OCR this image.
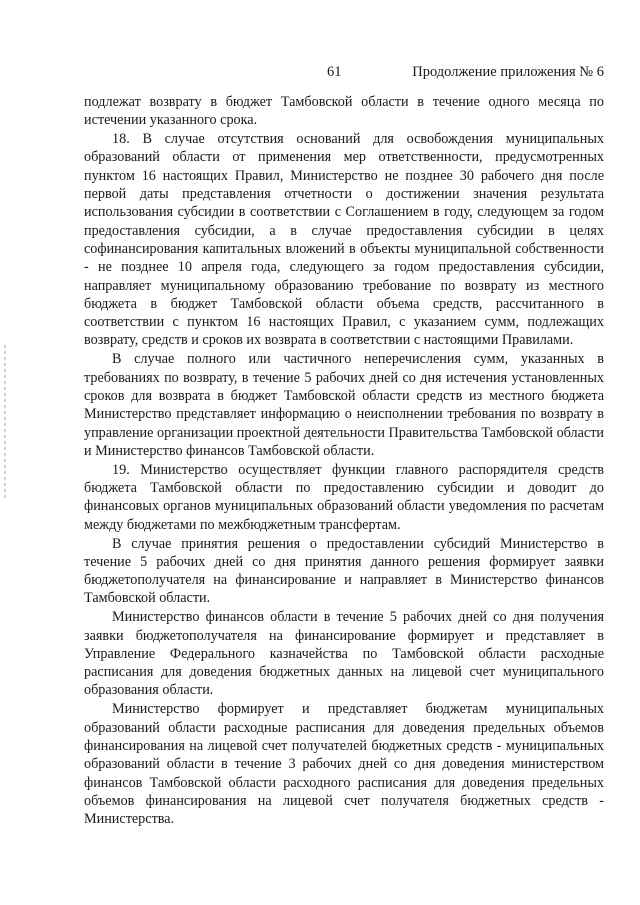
61	Продолжение приложения № 6

подлежат возврату в бюджет Тамбовской области в течение одного месяца по истечении указанного срока.

18. В случае отсутствия оснований для освобождения муниципальных образований области от применения мер ответственности, предусмотренных пунктом 16 настоящих Правил, Министерство не позднее 30 рабочего дня после первой даты представления отчетности о достижении значения результата использования субсидии в соответствии с Соглашением в году, следующем за годом предоставления субсидии, а в случае предоставления субсидии в целях софинансирования капитальных вложений в объекты муниципальной собственности - не позднее 10 апреля года, следующего за годом предоставления субсидии, направляет муниципальному образованию требование по возврату из местного бюджета в бюджет Тамбовской области объема средств, рассчитанного в соответствии с пунктом 16 настоящих Правил, с указанием сумм, подлежащих возврату, средств и сроков их возврата в соответствии с настоящими Правилами.

В случае полного или частичного неперечисления сумм, указанных в требованиях по возврату, в течение 5 рабочих дней со дня истечения установленных сроков для возврата в бюджет Тамбовской области средств из местного бюджета Министерство представляет информацию о неисполнении требования по возврату в управление организации проектной деятельности Правительства Тамбовской области и Министерство финансов Тамбовской области.

19. Министерство осуществляет функции главного распорядителя средств бюджета Тамбовской области по предоставлению субсидии и доводит до финансовых органов муниципальных образований области уведомления по расчетам между бюджетами по межбюджетным трансфертам.

В случае принятия решения о предоставлении субсидий Министерство в течение 5 рабочих дней со дня принятия данного решения формирует заявки бюджетополучателя на финансирование и направляет в Министерство финансов Тамбовской области.

Министерство финансов области в течение 5 рабочих дней со дня получения заявки бюджетополучателя на финансирование формирует и представляет в Управление Федерального казначейства по Тамбовской области расходные расписания для доведения бюджетных данных на лицевой счет муниципального образования области.

Министерство формирует и представляет бюджетам муниципальных образований области расходные расписания для доведения предельных объемов финансирования на лицевой счет получателей бюджетных средств - муниципальных образований области в течение 3 рабочих дней со дня доведения министерством финансов Тамбовской области расходного расписания для доведения предельных объемов финансирования на лицевой счет получателя бюджетных средств - Министерства.
